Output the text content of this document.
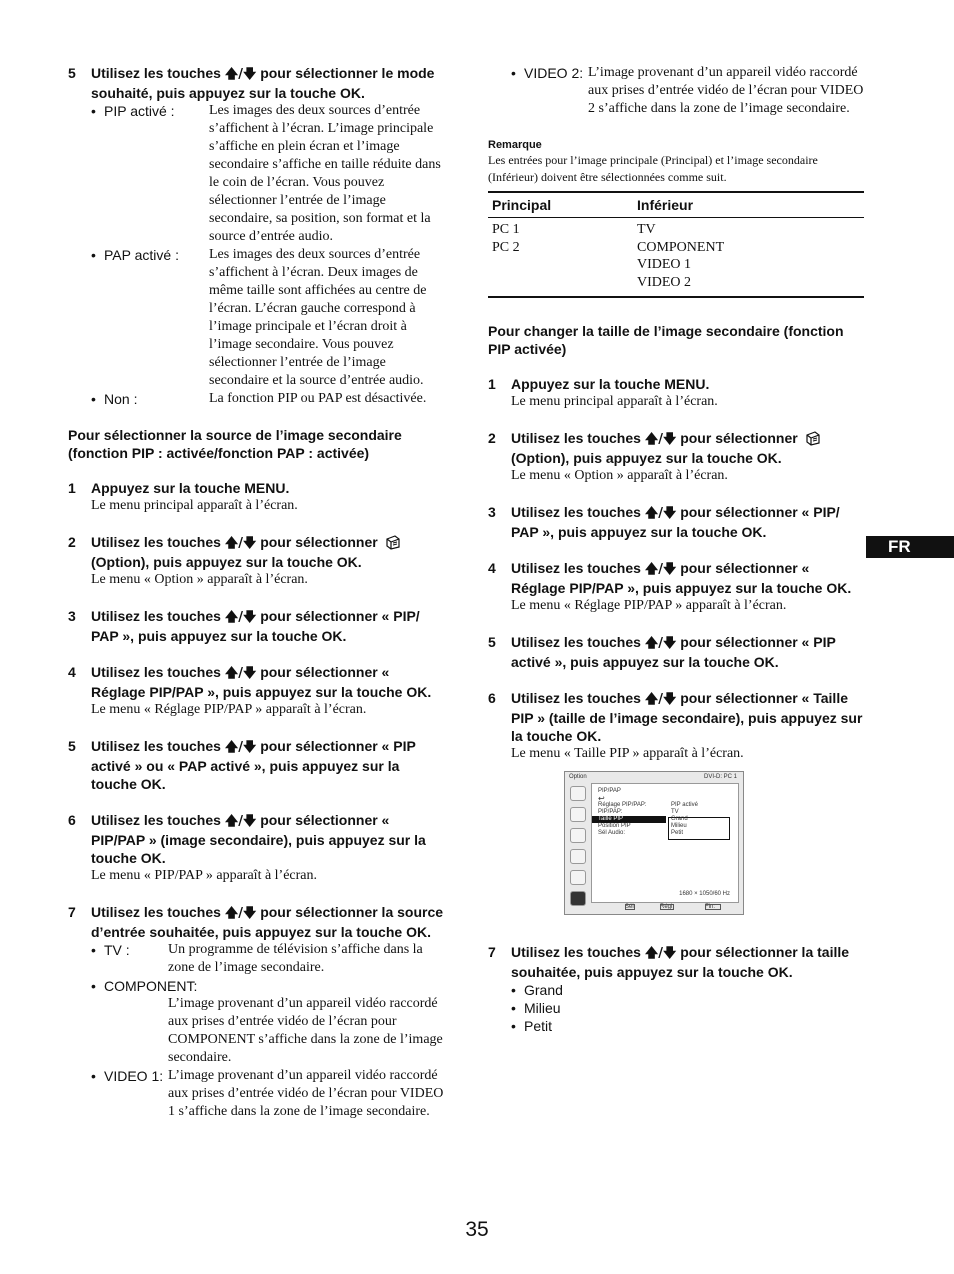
5 Utilisez les touches 🡅/🡇 pour sélectionner le mode souhaité, puis appuyez sur la touche OK.
• PIP activé :	Les images des deux sources d’entrée s’affichent à l’écran. L’image principale s’affiche en plein écran et l’image secondaire s’affiche en taille réduite dans le coin de l’écran. Vous pouvez sélectionner l’entrée de l’image secondaire, sa position, son format et la source d’entrée audio.
• PAP activé :	Les images des deux sources d’entrée s’affichent à l’écran. Deux images de même taille sont affichées au centre de l’écran. L’écran gauche correspond à l’image principale et l’écran droit à l’image secondaire. Vous pouvez sélectionner l’entrée de l’image secondaire et la source d’entrée audio.
• Non :	La fonction PIP ou PAP est désactivée.
Pour sélectionner la source de l’image secondaire (fonction PIP : activée/fonction PAP : activée)
1 Appuyez sur la touche MENU.
Le menu principal apparaît à l’écran.
2 Utilisez les touches 🡅/🡇 pour sélectionner  (Option), puis appuyez sur la touche OK.
Le menu « Option » apparaît à l’écran.
3 Utilisez les touches 🡅/🡇 pour sélectionner « PIP/ PAP », puis appuyez sur la touche OK.
4 Utilisez les touches 🡅/🡇 pour sélectionner « Réglage PIP/PAP », puis appuyez sur la touche OK.
Le menu « Réglage PIP/PAP » apparaît à l’écran.
5 Utilisez les touches 🡅/🡇 pour sélectionner « PIP activé » ou « PAP activé », puis appuyez sur la touche OK.
6 Utilisez les touches 🡅/🡇 pour sélectionner « PIP/PAP » (image secondaire), puis appuyez sur la touche OK.
Le menu « PIP/PAP » apparaît à l’écran.
7 Utilisez les touches 🡅/🡇 pour sélectionner la source d’entrée souhaitée, puis appuyez sur la touche OK.
• TV :	Un programme de télévision s’affiche dans la zone de l’image secondaire.
• COMPONENT:
L’image provenant d’un appareil vidéo raccordé aux prises d’entrée vidéo de l’écran pour COMPONENT s’affiche dans la zone de l’image secondaire.
• VIDEO 1: L’image provenant d’un appareil vidéo raccordé aux prises d’entrée vidéo de l’écran pour VIDEO 1 s’affiche dans la zone de l’image secondaire.
• VIDEO 2: L’image provenant d’un appareil vidéo raccordé aux prises d’entrée vidéo de l’écran pour VIDEO 2 s’affiche dans la zone de l’image secondaire.
Remarque
Les entrées pour l’image principale (Principal) et l’image secondaire (Inférieur) doivent être sélectionnées comme suit.
Principal	Inférieur
PC 1	TV
PC 2	COMPONENT
	VIDEO 1
	VIDEO 2
Pour changer la taille de l’image secondaire (fonction PIP activée)
1 Appuyez sur la touche MENU.
Le menu principal apparaît à l’écran.
2 Utilisez les touches 🡅/🡇 pour sélectionner  (Option), puis appuyez sur la touche OK.
Le menu « Option » apparaît à l’écran.
3 Utilisez les touches 🡅/🡇 pour sélectionner « PIP/ PAP », puis appuyez sur la touche OK.
4 Utilisez les touches 🡅/🡇 pour sélectionner « Réglage PIP/PAP », puis appuyez sur la touche OK.
Le menu « Réglage PIP/PAP » apparaît à l’écran.
5 Utilisez les touches 🡅/🡇 pour sélectionner « PIP activé », puis appuyez sur la touche OK.
6 Utilisez les touches 🡅/🡇 pour sélectionner « Taille PIP » (taille de l’image secondaire), puis appuyez sur la touche OK.
Le menu « Taille PIP » apparaît à l’écran.
Option	DVI-D: PC 1
PIP/PAP
↩
Réglage PIP/PAP:
PIP/PAP:
Taille PIP
Position PIP
Sél Audio:
PIP activé
TV
Grand
Milieu
Petit
1680 × 1050/60 Hz
Sél:	Régl:	Fin:
7 Utilisez les touches 🡅/🡇 pour sélectionner la taille souhaitée, puis appuyez sur la touche OK.
• Grand
• Milieu
• Petit
FR
35
